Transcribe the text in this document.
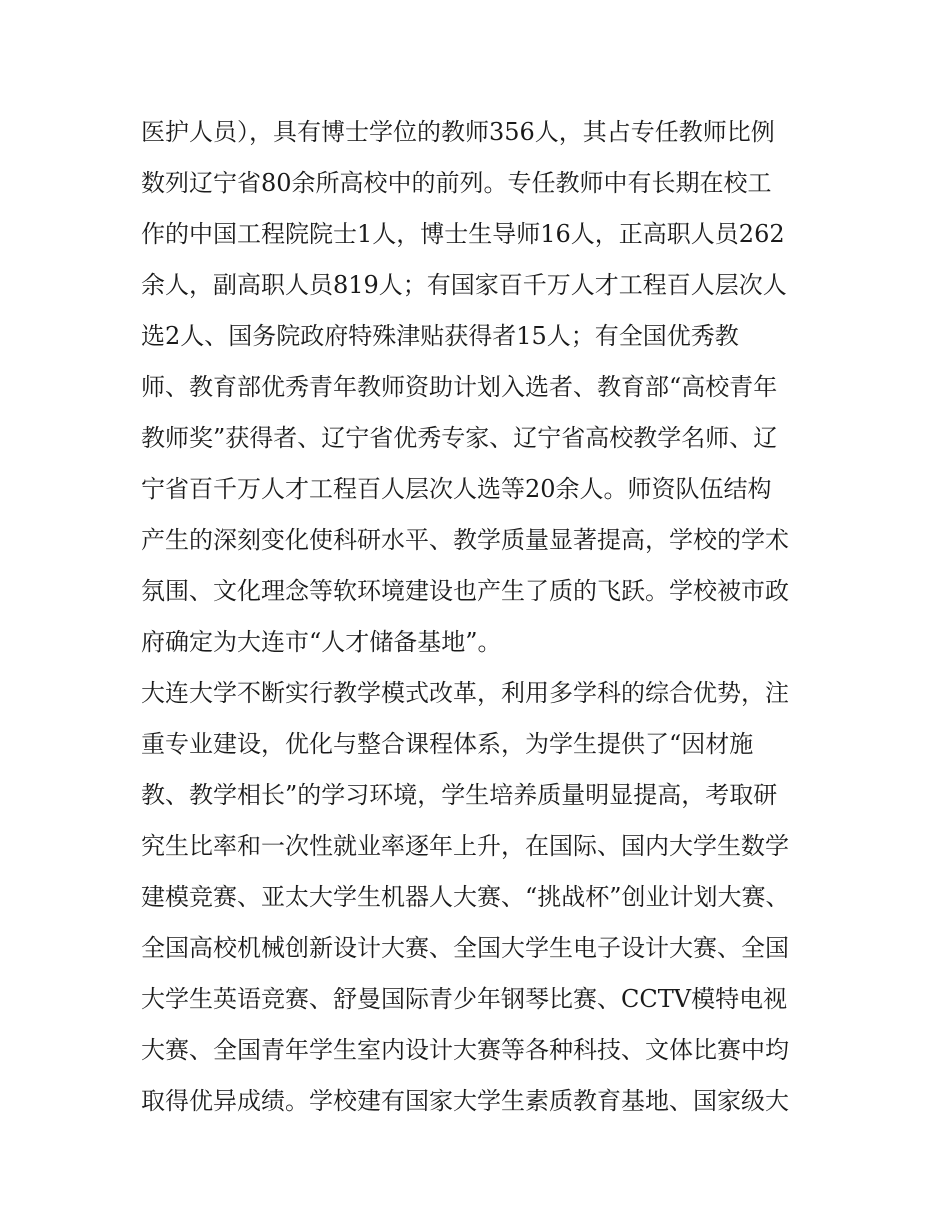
医护人员），具有博士学位的教师356人，其占专任教师比例
数列辽宁省80余所高校中的前列。专任教师中有长期在校工
作的中国工程院院士1人，博士生导师16人，正高职人员262
余人，副高职人员819人；有国家百千万人才工程百人层次人
选2人、国务院政府特殊津贴获得者15人；有全国优秀教
师、教育部优秀青年教师资助计划入选者、教育部“高校青年
教师奖”获得者、辽宁省优秀专家、辽宁省高校教学名师、辽
宁省百千万人才工程百人层次人选等20余人。师资队伍结构
产生的深刻变化使科研水平、教学质量显著提高，学校的学术
氛围、文化理念等软环境建设也产生了质的飞跃。学校被市政
府确定为大连市“人才储备基地”。
大连大学不断实行教学模式改革，利用多学科的综合优势，注
重专业建设，优化与整合课程体系，为学生提供了“因材施
教、教学相长”的学习环境，学生培养质量明显提高，考取研
究生比率和一次性就业率逐年上升，在国际、国内大学生数学
建模竞赛、亚太大学生机器人大赛、“挑战杯”创业计划大赛、
全国高校机械创新设计大赛、全国大学生电子设计大赛、全国
大学生英语竞赛、舒曼国际青少年钢琴比赛、CCTV模特电视
大赛、全国青年学生室内设计大赛等各种科技、文体比赛中均
取得优异成绩。学校建有国家大学生素质教育基地、国家级大
